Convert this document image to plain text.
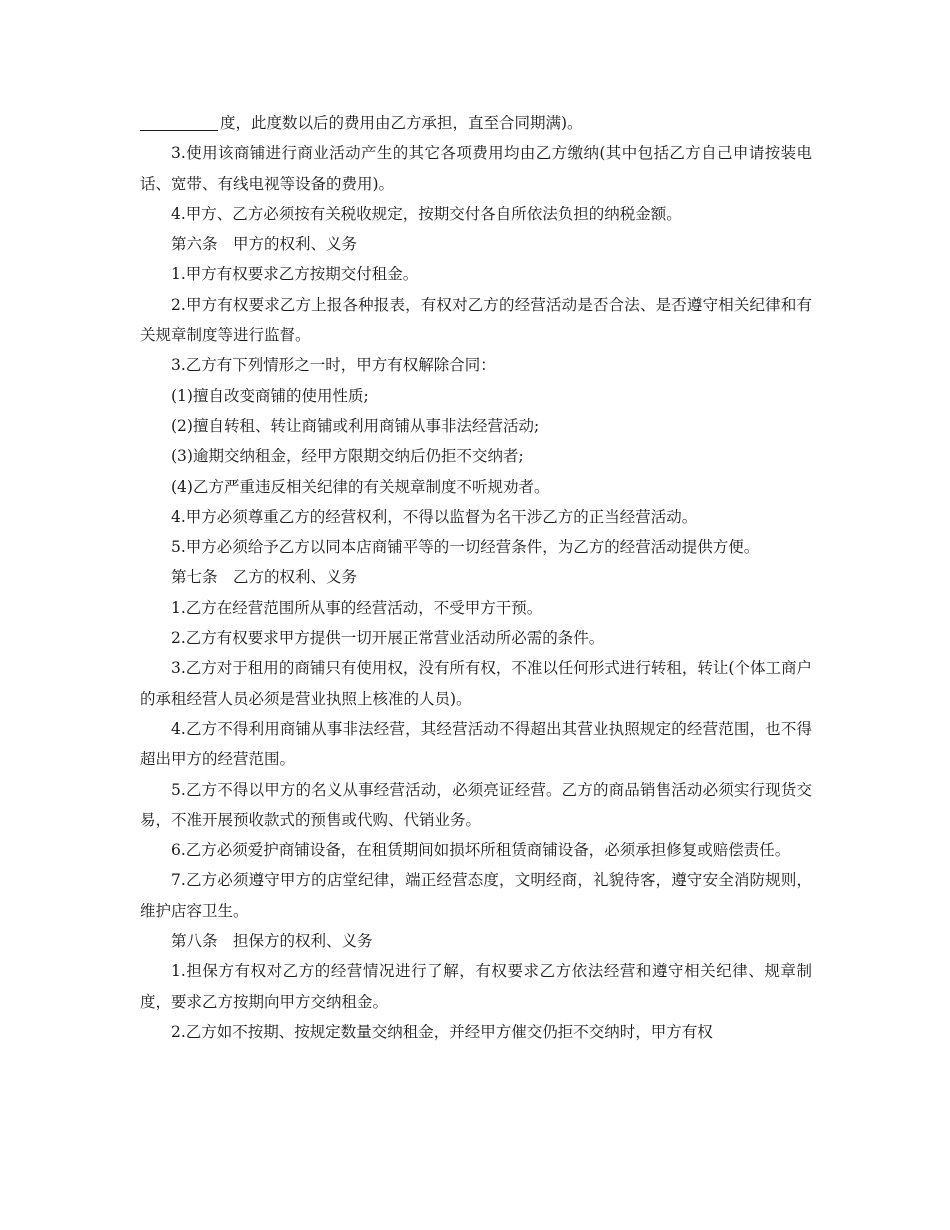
度，此度数以后的费用由乙方承担，直至合同期满)。

3.使用该商铺进行商业活动产生的其它各项费用均由乙方缴纳(其中包括乙方自己申请按装电话、宽带、有线电视等设备的费用)。

4.甲方、乙方必须按有关税收规定，按期交付各自所依法负担的纳税金额。

第六条　甲方的权利、义务

1.甲方有权要求乙方按期交付租金。

2.甲方有权要求乙方上报各种报表，有权对乙方的经营活动是否合法、是否遵守相关纪律和有关规章制度等进行监督。

3.乙方有下列情形之一时，甲方有权解除合同：

(1)擅自改变商铺的使用性质;

(2)擅自转租、转让商铺或利用商铺从事非法经营活动;

(3)逾期交纳租金，经甲方限期交纳后仍拒不交纳者;

(4)乙方严重违反相关纪律的有关规章制度不听规劝者。

4.甲方必须尊重乙方的经营权利，不得以监督为名干涉乙方的正当经营活动。

5.甲方必须给予乙方以同本店商铺平等的一切经营条件，为乙方的经营活动提供方便。

第七条　乙方的权利、义务

1.乙方在经营范围所从事的经营活动，不受甲方干预。

2.乙方有权要求甲方提供一切开展正常营业活动所必需的条件。

3.乙方对于租用的商铺只有使用权，没有所有权，不准以任何形式进行转租，转让(个体工商户的承租经营人员必须是营业执照上核准的人员)。

4.乙方不得利用商铺从事非法经营，其经营活动不得超出其营业执照规定的经营范围，也不得超出甲方的经营范围。

5.乙方不得以甲方的名义从事经营活动，必须亮证经营。乙方的商品销售活动必须实行现货交易，不准开展预收款式的预售或代购、代销业务。

6.乙方必须爱护商铺设备，在租赁期间如损坏所租赁商铺设备，必须承担修复或赔偿责任。

7.乙方必须遵守甲方的店堂纪律，端正经营态度，文明经商，礼貌待客，遵守安全消防规则，维护店容卫生。

第八条　担保方的权利、义务

1.担保方有权对乙方的经营情况进行了解，有权要求乙方依法经营和遵守相关纪律、规章制度，要求乙方按期向甲方交纳租金。

2.乙方如不按期、按规定数量交纳租金，并经甲方催交仍拒不交纳时，甲方有权
